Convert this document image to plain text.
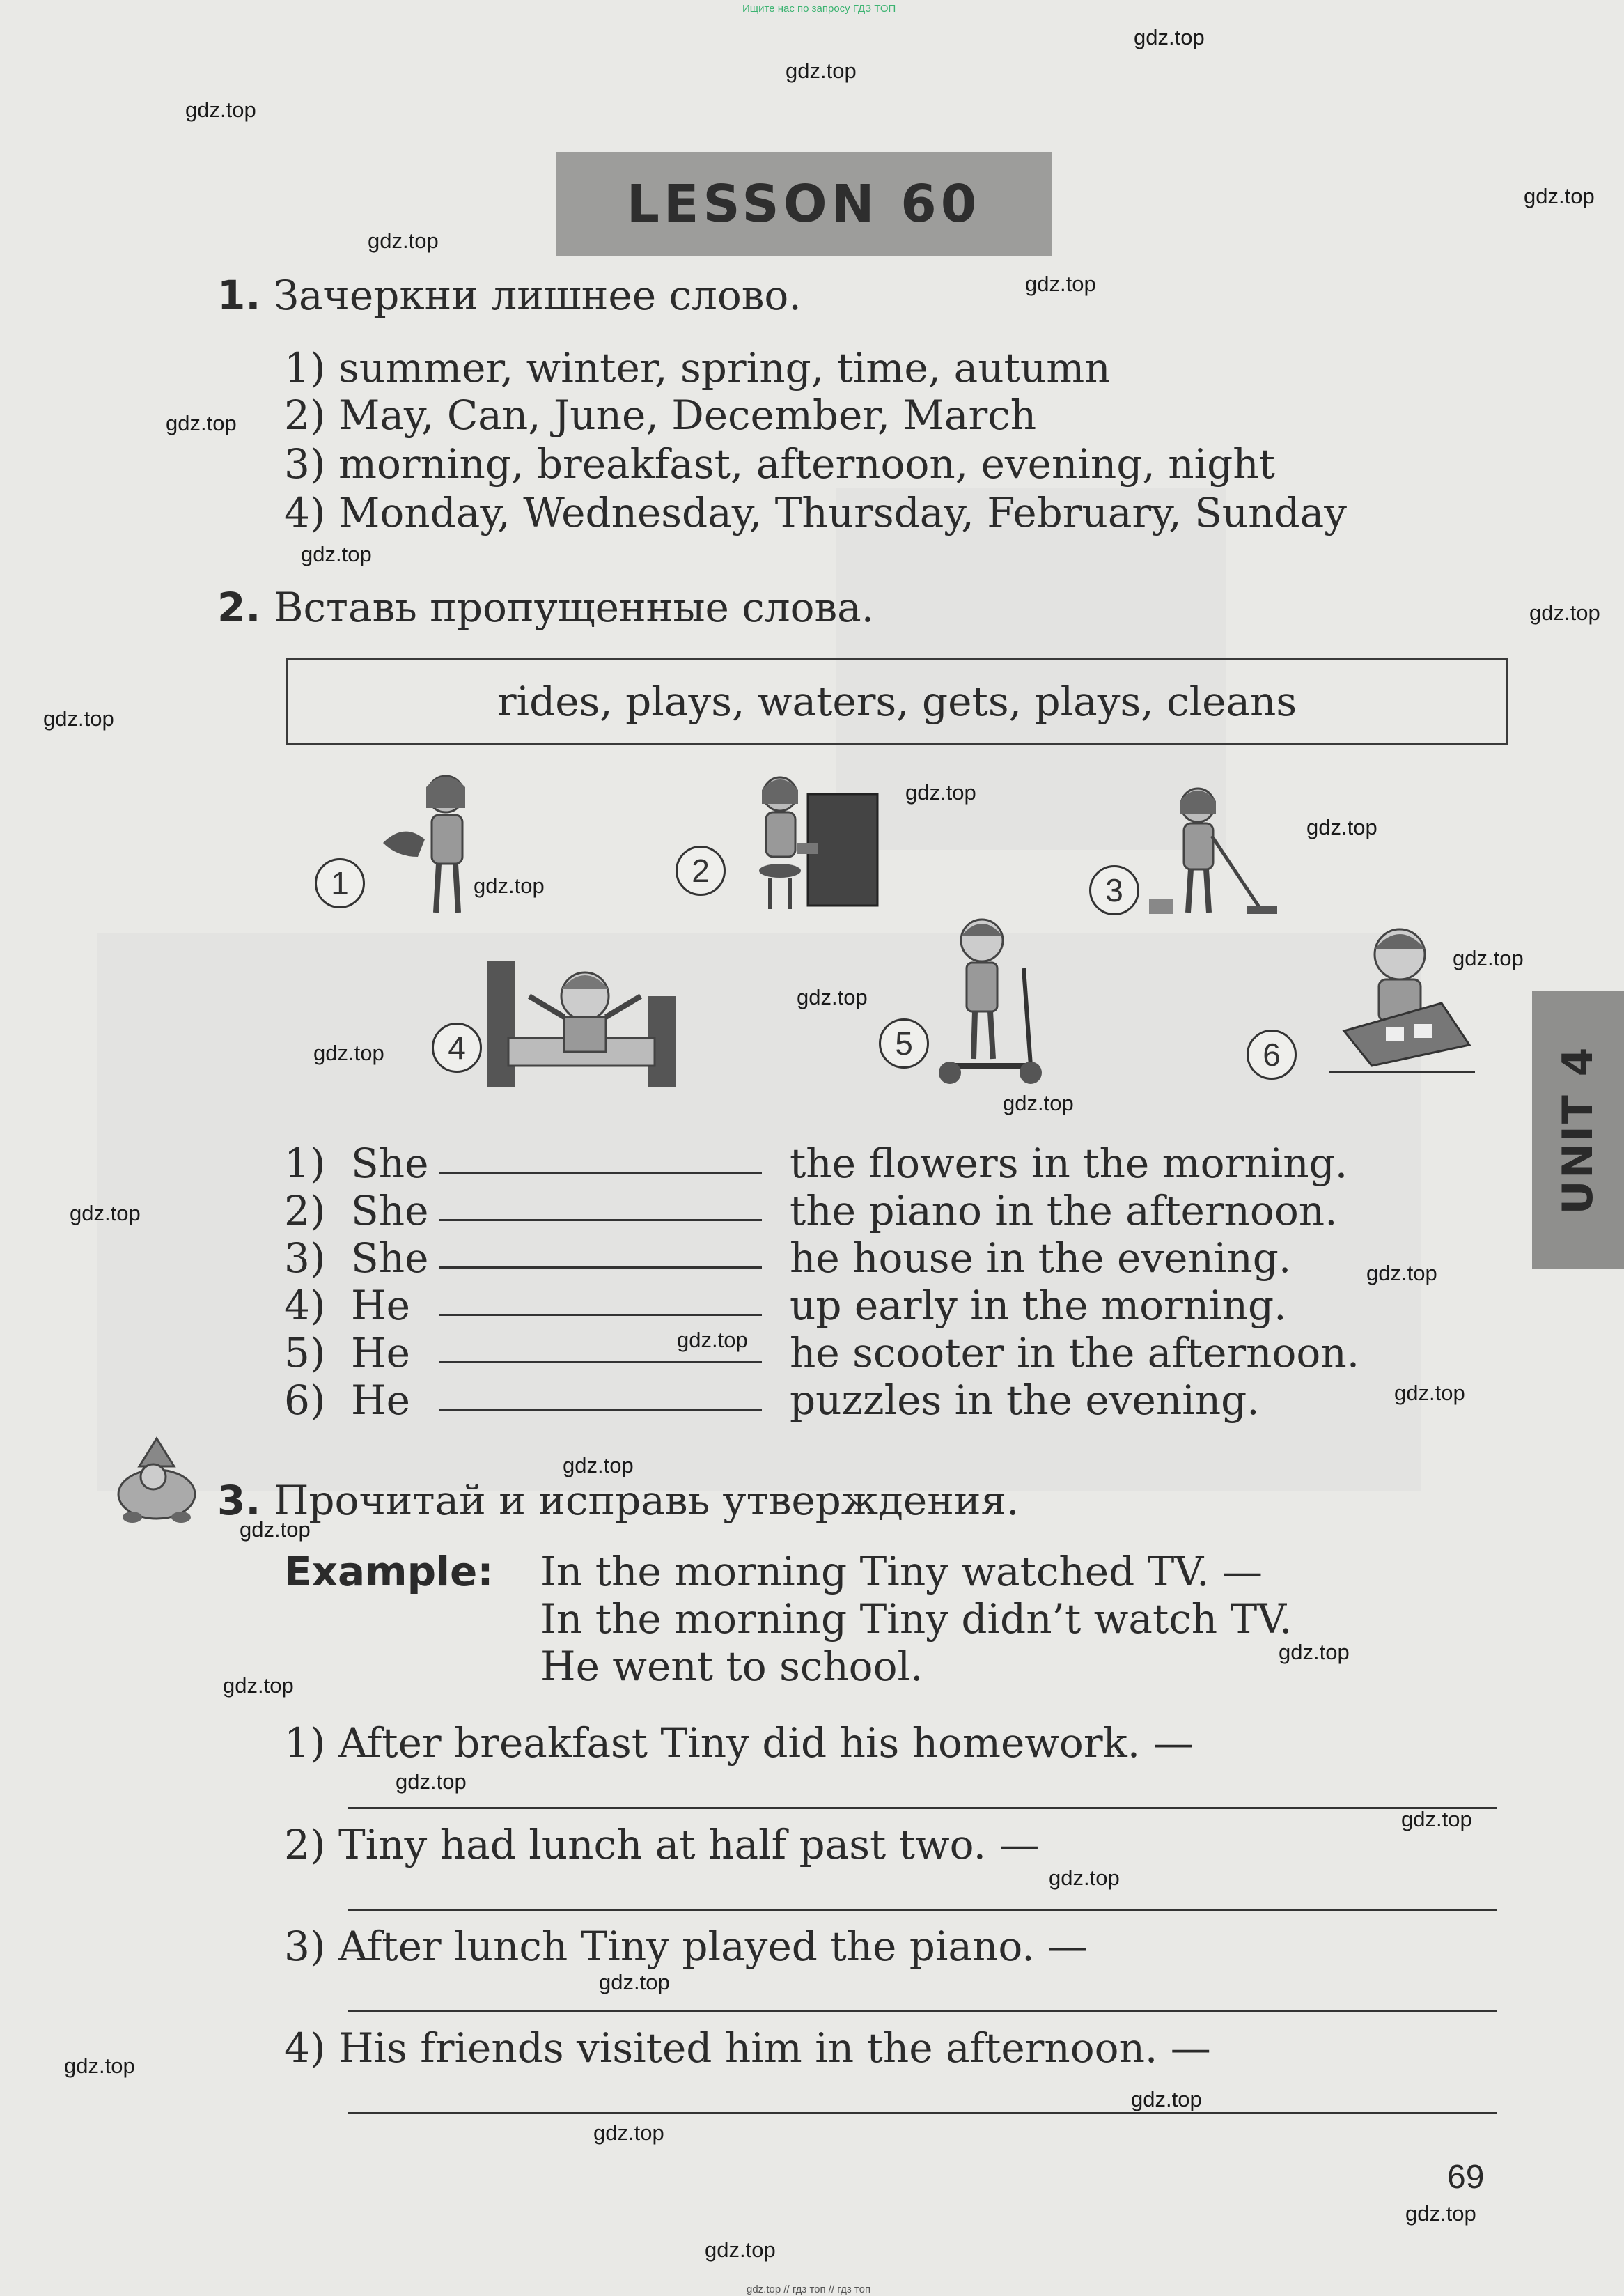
Ищите нас по запросу ГДЗ ТОП
LESSON 60
1. Зачеркни лишнее слово.
1) summer, winter, spring, time, autumn
2) May, Can, June, December, March
3) morning, breakfast, afternoon, evening, night
4) Monday, Wednesday, Thursday, February, Sunday
2. Вставь пропущенные слова.
rides, plays, waters, gets, plays, cleans
1	2
3
4	5	6
1) She	the flowers in the morning.
2) She	the piano in the afternoon.
3) She	he house in the evening.
4) He	up early in the morning.
5) He	he scooter in the afternoon.
6) He	puzzles in the evening.
3. Прочитай и исправь утверждения.
Example: In the morning Tiny watched TV. —
In the morning Tiny didn’t watch TV.
He went to school.
1) After breakfast Tiny did his homework. —
2) Tiny had lunch at half past two. —
3) After lunch Tiny played the piano. —
4) His friends visited him in the afternoon. —
UNIT 4
69
gdz.top
gdz.top
gdz.top
gdz.top
gdz.top
gdz.top
gdz.top
gdz.top
gdz.top
gdz.top
gdz.top
gdz.top
gdz.top
gdz.top
gdz.top
gdz.top
gdz.top
gdz.top
gdz.top
gdz.top
gdz.top
gdz.top
gdz.top
gdz.top
gdz.top
gdz.top
gdz.top
gdz.top
gdz.top
gdz.top
gdz.top
gdz.top
gdz.top
gdz.top
gdz.top // гдз топ // гдз топ
